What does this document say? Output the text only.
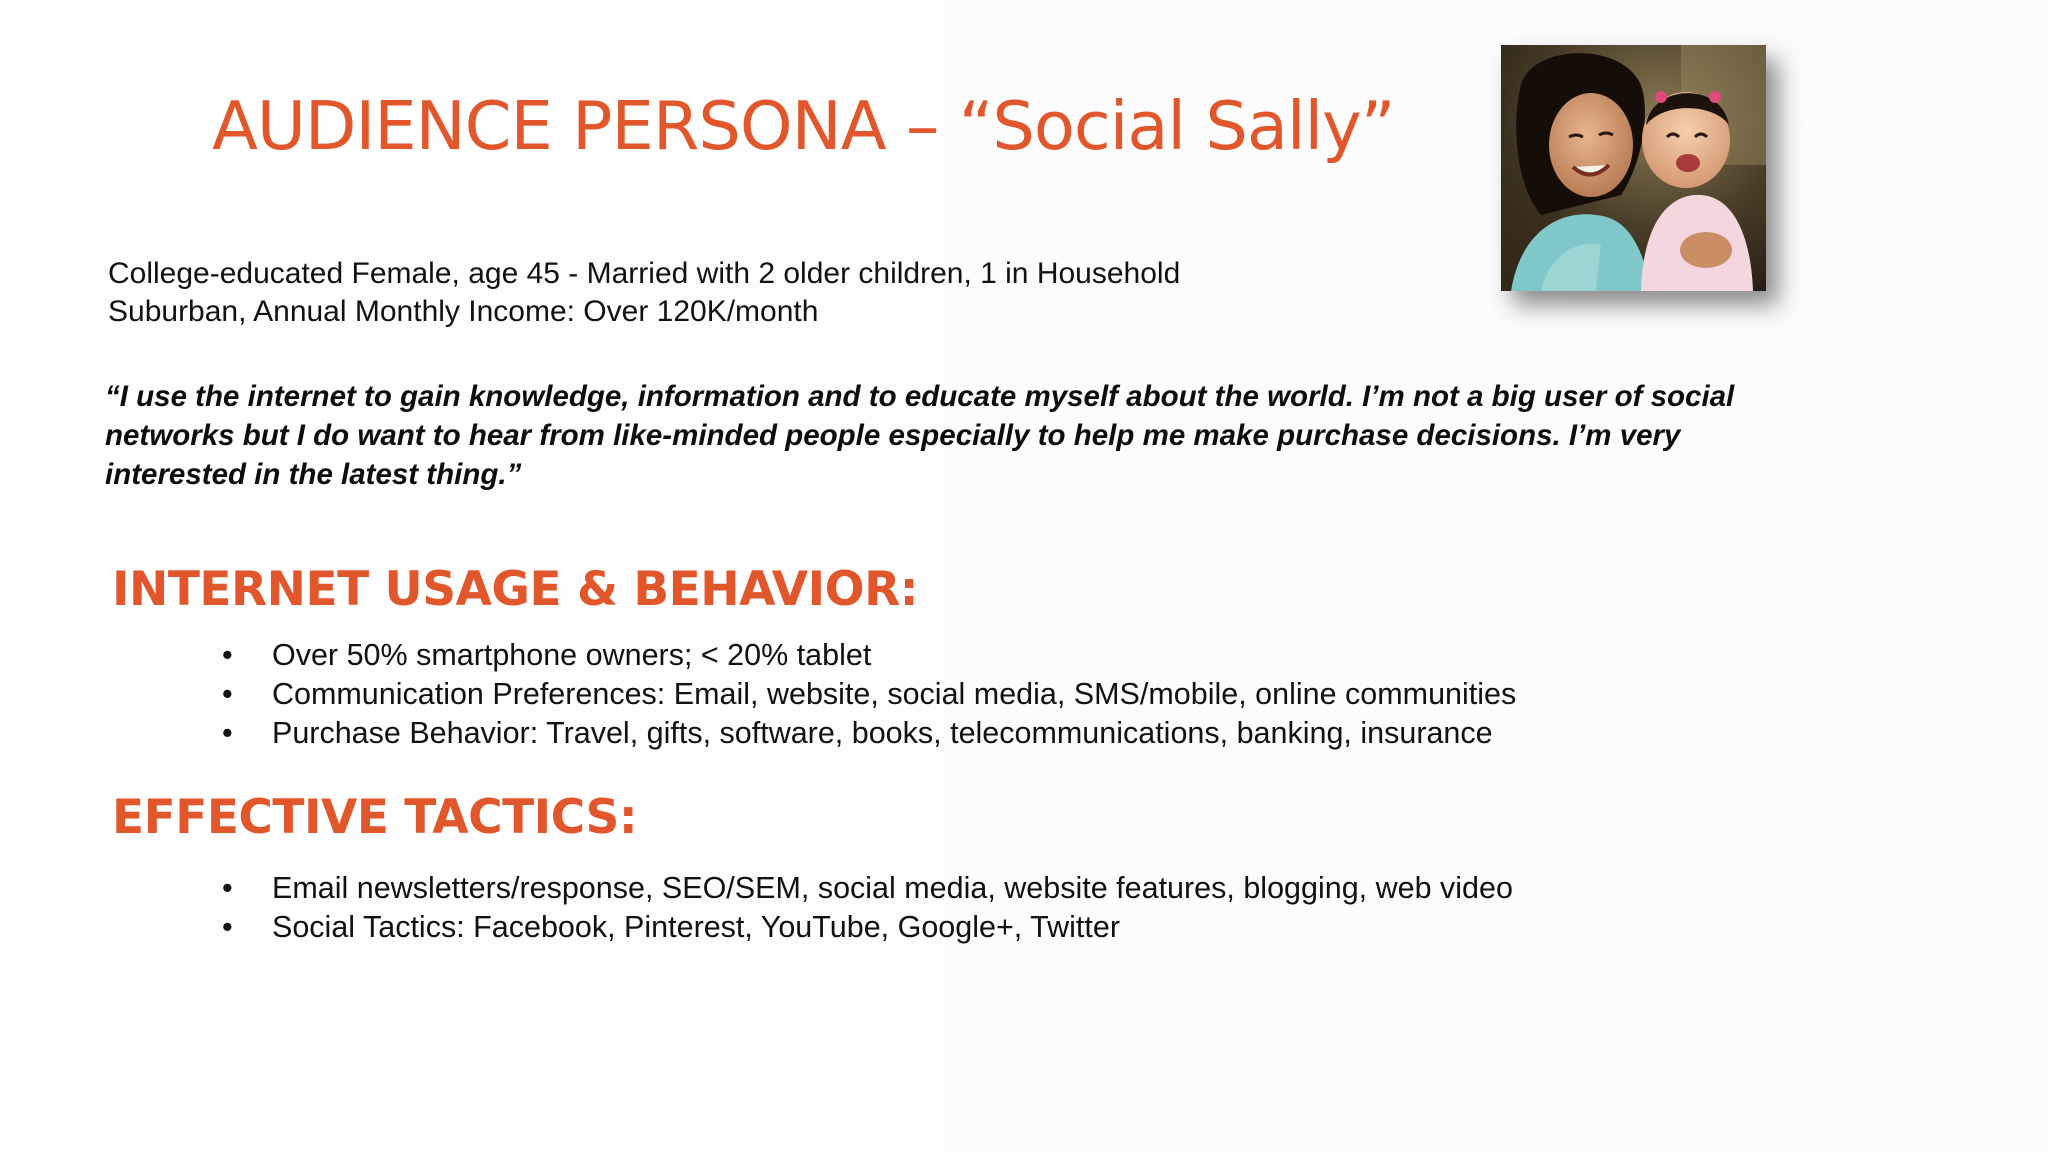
AUDIENCE PERSONA – “Social Sally”
College-educated Female, age 45 - Married with 2 older children, 1 in Household
Suburban, Annual Monthly Income: Over 120K/month
“I use the internet to gain knowledge, information and to educate myself about the world. I’m not a big user of social
networks but I do want to hear from like-minded people especially to help me make purchase decisions. I’m very
interested in the latest thing.”
INTERNET USAGE & BEHAVIOR:
• Over 50% smartphone owners; < 20% tablet
• Communication Preferences: Email, website, social media, SMS/mobile, online communities
• Purchase Behavior: Travel, gifts, software, books, telecommunications, banking, insurance
EFFECTIVE TACTICS:
• Email newsletters/response, SEO/SEM, social media, website features, blogging, web video
• Social Tactics: Facebook, Pinterest, YouTube, Google+, Twitter
